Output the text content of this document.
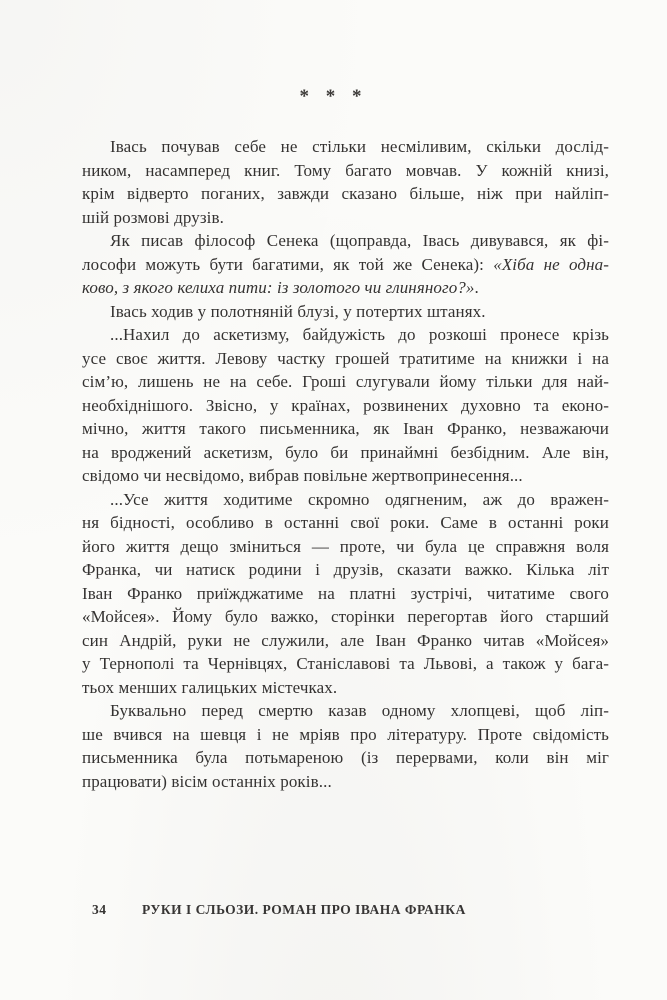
* * *
Івась почував себе не стільки несміливим, скільки дослід-
ником, насамперед книг. Тому багато мовчав. У кожній книзі,
крім відверто поганих, завжди сказано більше, ніж при найліп-
шій розмові друзів.
Як писав філософ Сенека (щоправда, Івась дивувався, як фі-
лософи можуть бути багатими, як той же Сенека): «Хіба не одна-
ково, з якого келиха пити: із золотого чи глиняного?».
Івась ходив у полотняній блузі, у потертих штанях.
...Нахил до аскетизму, байдужість до розкоші пронесе крізь
усе своє життя. Левову частку грошей тратитиме на книжки і на
сім’ю, лишень не на себе. Гроші слугували йому тільки для най-
необхіднішого. Звісно, у країнах, розвинених духовно та еконо-
мічно, життя такого письменника, як Іван Франко, незважаючи
на вроджений аскетизм, було би принаймні безбідним. Але він,
свідомо чи несвідомо, вибрав повільне жертвопринесення...
...Усе життя ходитиме скромно одягненим, аж до вражен-
ня бідності, особливо в останні свої роки. Саме в останні роки
його життя дещо зміниться — проте, чи була це справжня воля
Франка, чи натиск родини і друзів, сказати важко. Кілька літ
Іван Франко приїжджатиме на платні зустрічі, читатиме свого
«Мойсея». Йому було важко, сторінки перегортав його старший
син Андрій, руки не служили, але Іван Франко читав «Мойсея»
у Тернополі та Чернівцях, Станіславові та Львові, а також у бага-
тьох менших галицьких містечках.
Буквально перед смертю казав одному хлопцеві, щоб ліп-
ше вчився на шевця і не мріяв про літературу. Проте свідомість
письменника була потьмареною (із перервами, коли він міг
працювати) вісім останніх років...
34	РУКИ І СЛЬОЗИ. РОМАН ПРО ІВАНА ФРАНКА
